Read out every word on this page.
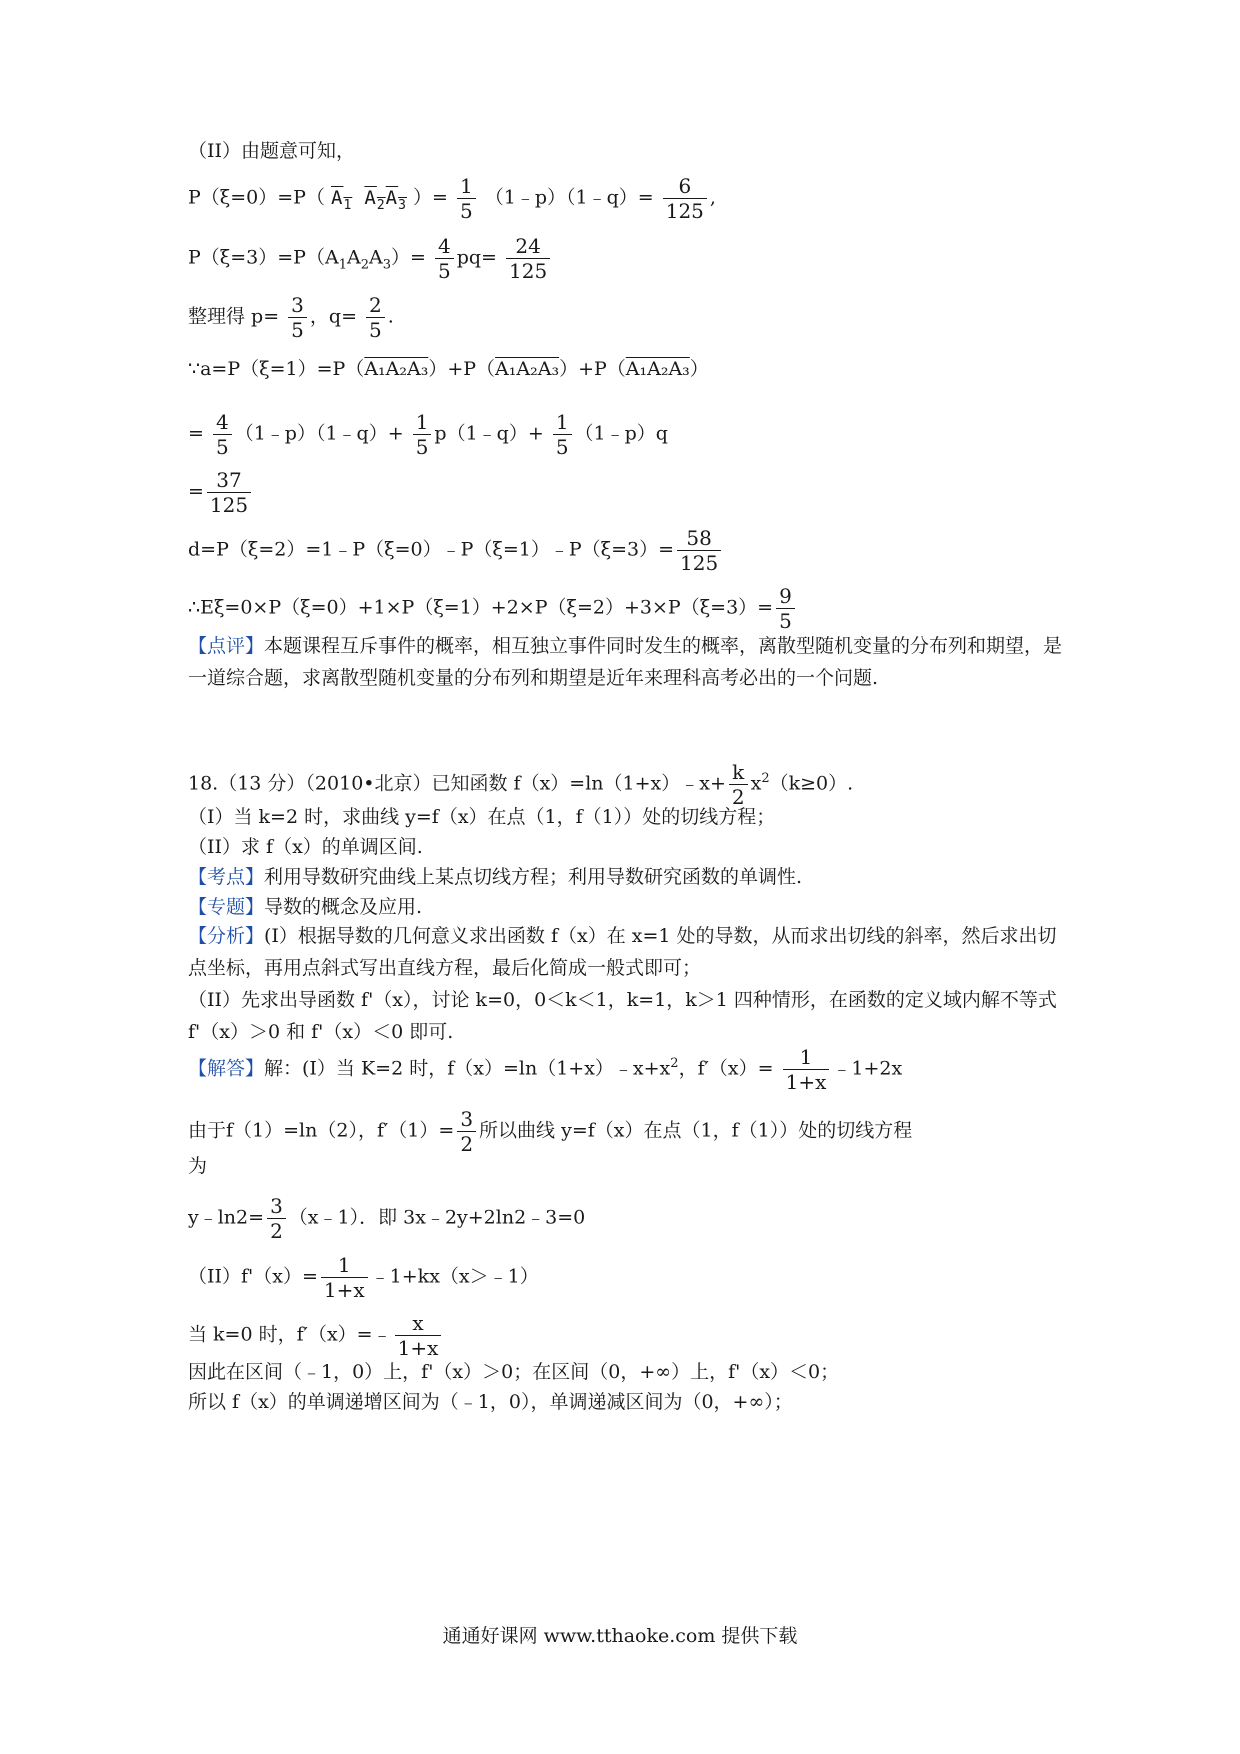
（II）由题意可知，
P（ξ=0）=P（ $A_1$ $A_2A_3$ ）= $\frac{1}{5}$ （1﹣p）（1﹣q）= $\frac{6}{125}$ ,
$P(\xi=3)=P(A_1A_2A_3)= \frac{4}{5} pq= \frac{24}{125}$
整理得 $p= \frac{3}{5}$ ，$q= \frac{2}{5}$ .
∵a=P（ξ=1）=P（A₁A₂A₃）+P（A₁A₂A₃）+P（A₁A₂A₃）
= $\frac{4}{5}$ （1﹣p）（1﹣q）+ $\frac{1}{5}$ p（1﹣q）+ $\frac{1}{5}$ （1﹣p）q
= $\frac{37}{125}$
d=P（ξ=2）=1﹣P（ξ=0）﹣P（ξ=1）﹣P（ξ=3）= $\frac{58}{125}$
∴Eξ=0×P（ξ=0）+1×P（ξ=1）+2×P（ξ=2）+3×P（ξ=3）= $\frac{9}{5}$
【点评】本题课程互斥事件的概率，相互独立事件同时发生的概率，离散型随机变量的分布列和期望，是一道综合题，求离散型随机变量的分布列和期望是近年来理科高考必出的一个问题.
18.（13 分）（2010•北京）已知函数 f（x）=ln（1+x）﹣x+ $\frac{k}{2} x^2(k\ge 0)$.
（I）当 k=2 时，求曲线 y=f（x）在点（1，f（1））处的切线方程；
（II）求 f（x）的单调区间.
【考点】利用导数研究曲线上某点切线方程；利用导数研究函数的单调性.
【专题】导数的概念及应用.
【分析】(I）根据导数的几何意义求出函数 f（x）在 x=1 处的导数，从而求出切线的斜率，然后求出切点坐标，再用点斜式写出直线方程，最后化简成一般式即可；
（II）先求出导函数 f'（x），讨论 k=0，0＜k＜1，k=1，k＞1 四种情形，在函数的定义域内解不等式 f'（x）＞0 和 f'（x）＜0 即可.
【解答】解：(I）当 K=2 时，$f(x)=\ln(1+x)﹣x+x^2$，$f'(x)= \frac{1}{1+x}$ ﹣1+2x
由于f（1）=ln（2），$f'(1)= \frac{3}{2}$ 所以曲线 y=f（x）在点（1，f（1））处的切线方程
为
y﹣ln2= $\frac{3}{2}$ （x﹣1）．即 3x﹣2y+2ln2﹣3=0
$(II)f'(x)= \frac{1}{1+x}$ ﹣1+kx（x＞﹣1）
当 k=0 时，f′（x）=﹣ $\frac{x}{1+x}$
因此在区间（﹣1，0）上，f'（x）＞0；在区间（0，+∞）上，f'（x）＜0；
所以 f（x）的单调递增区间为（﹣1，0），单调递减区间为（0，+∞）；
通通好课网 www.tthaoke.com 提供下载
